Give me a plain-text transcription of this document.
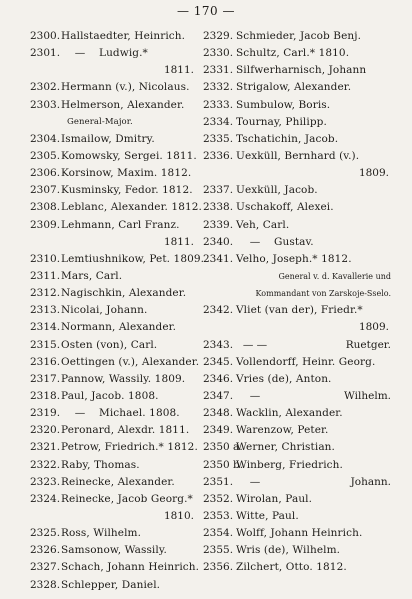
— 170 —
2300.Hallstaedter, Heinrich.
2301. — Ludwig.*
1811.
2302.Hermann (v.), Nicolaus.
2303.Helmerson, Alexander.
General-Major.
2304.Ismailow, Dmitry.
2305.Komowsky, Sergei. 1811.
2306.Korsinow, Maxim. 1812.
2307.Kusminsky, Fedor. 1812.
2308.Leblanc, Alexander. 1812.
2309.Lehmann, Carl Franz.
1811.
2310.Lemtiushnikow, Pet. 1809.
2311.Mars, Carl.
2312.Nagischkin, Alexander.
2313.Nicolai, Johann.
2314.Normann, Alexander.
2315.Osten (von), Carl.
2316.Oettingen (v.), Alexander.
2317.Pannow, Wassily. 1809.
2318.Paul, Jacob. 1808.
2319. — Michael. 1808.
2320.Peronard, Alexdr. 1811.
2321.Petrow, Friedrich.* 1812.
2322.Raby, Thomas.
2323.Reinecke, Alexander.
2324.Reinecke, Jacob Georg.*
1810.
2325.Ross, Wilhelm.
2326.Samsonow, Wassily.
2327.Schach, Johann Heinrich.
2328.Schlepper, Daniel.
2329. Schmieder, Jacob Benj.
2330. Schultz, Carl.* 1810.
2331. Silfwerharnisch, Johann
2332. Strigalow, Alexander.
2333. Sumbulow, Boris.
2334. Tournay, Philipp.
2335. Tschatichin, Jacob.
2336. Uexküll, Bernhard (v.).
1809.
2337. Uexküll, Jacob.
2338. Uschakoff, Alexei.
2339. Veh, Carl.
2340. — Gustav.
2341. Velho, Joseph.* 1812.
General v. d. Kavallerie und
Kommandant von Zarskoje-Sselo.
2342. Vliet (van der), Friedr.*
1809.
2343. — —	Ruetger.
2345. Vollendorff, Heinr. Georg.
2346. Vries (de), Anton.
2347. —	Wilhelm.
2348. Wacklin, Alexander.
2349. Warenzow, Peter.
2350 a.Werner, Christian.
2350 b.Winberg, Friedrich.
2351. —	Johann.
2352. Wirolan, Paul.
2353. Witte, Paul.
2354. Wolff, Johann Heinrich.
2355. Wris (de), Wilhelm.
2356. Zilchert, Otto. 1812.
